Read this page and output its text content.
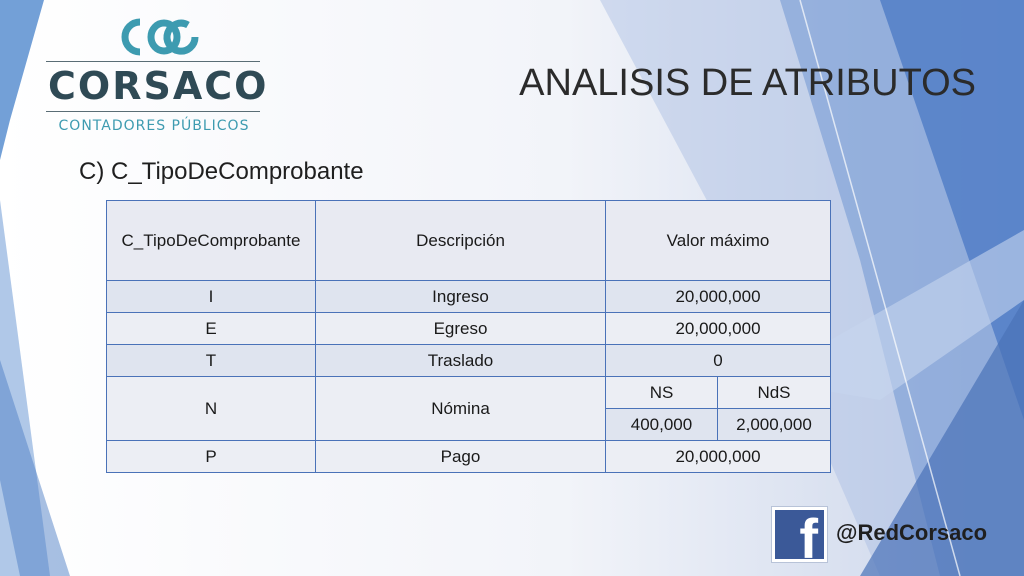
CORSACO
CONTADORES PÚBLICOS
ANALISIS DE ATRIBUTOS
C) C_TipoDeComprobante
C_TipoDeComprobante	Descripción	Valor máximo	
I	Ingreso	20,000,000	
E	Egreso	20,000,000	
T	Traslado	0	
N	Nómina	NS	NdS
		400,000	2,000,000
P	Pago	20,000,000	
f @RedCorsaco
